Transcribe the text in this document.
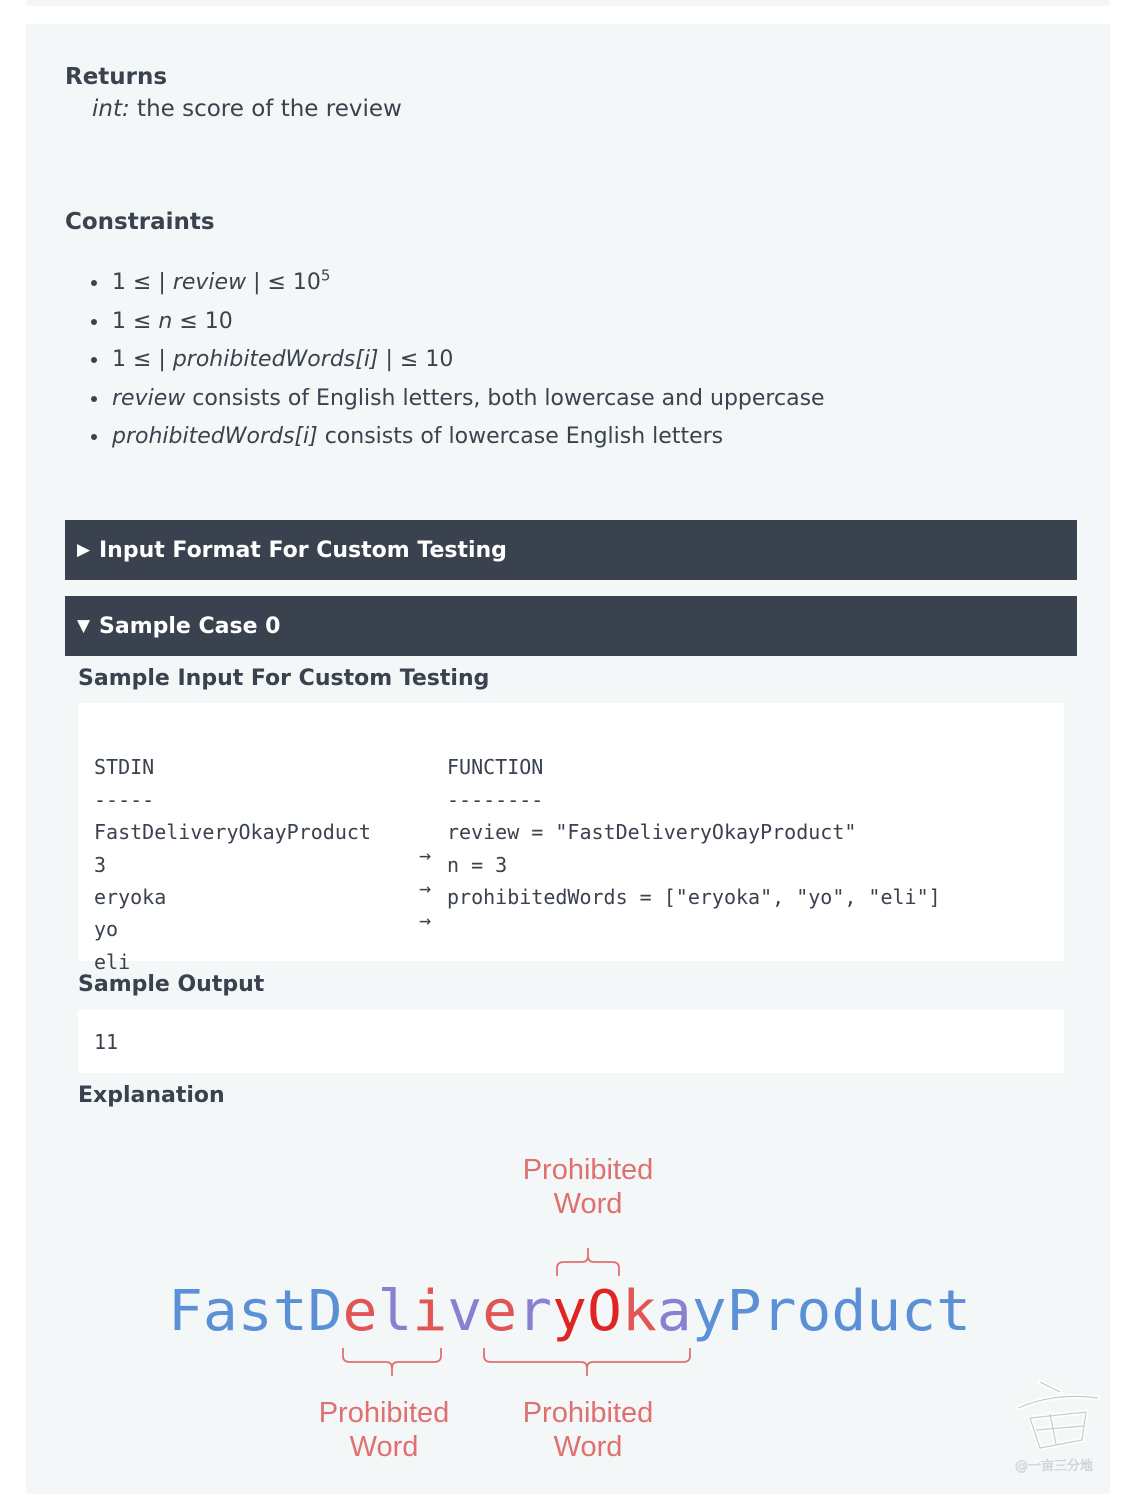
Returns
int: the score of the review
Constraints
• 1 ≤ | review | ≤ $10^5$
• 1 ≤ n ≤ 10
• 1 ≤ | prohibitedWords[i] | ≤ 10
• review consists of English letters, both lowercase and uppercase
• prohibitedWords[i] consists of lowercase English letters
▶ Input Format For Custom Testing
▼ Sample Case 0
Sample Input For Custom Testing

STDIN	FUNCTION
-----	--------
FastDeliveryOkayProduct
→
review = "FastDeliveryOkayProduct"
3
→
n = 3
eryoka
→
prohibitedWords = ["eryoka", "yo", "eli"]
yo
eli
Sample Output
11
Explanation
Prohibited
Word
Prohibited
Word
Prohibited
Word
FastDeliveryOkayProduct
@一亩三分地
